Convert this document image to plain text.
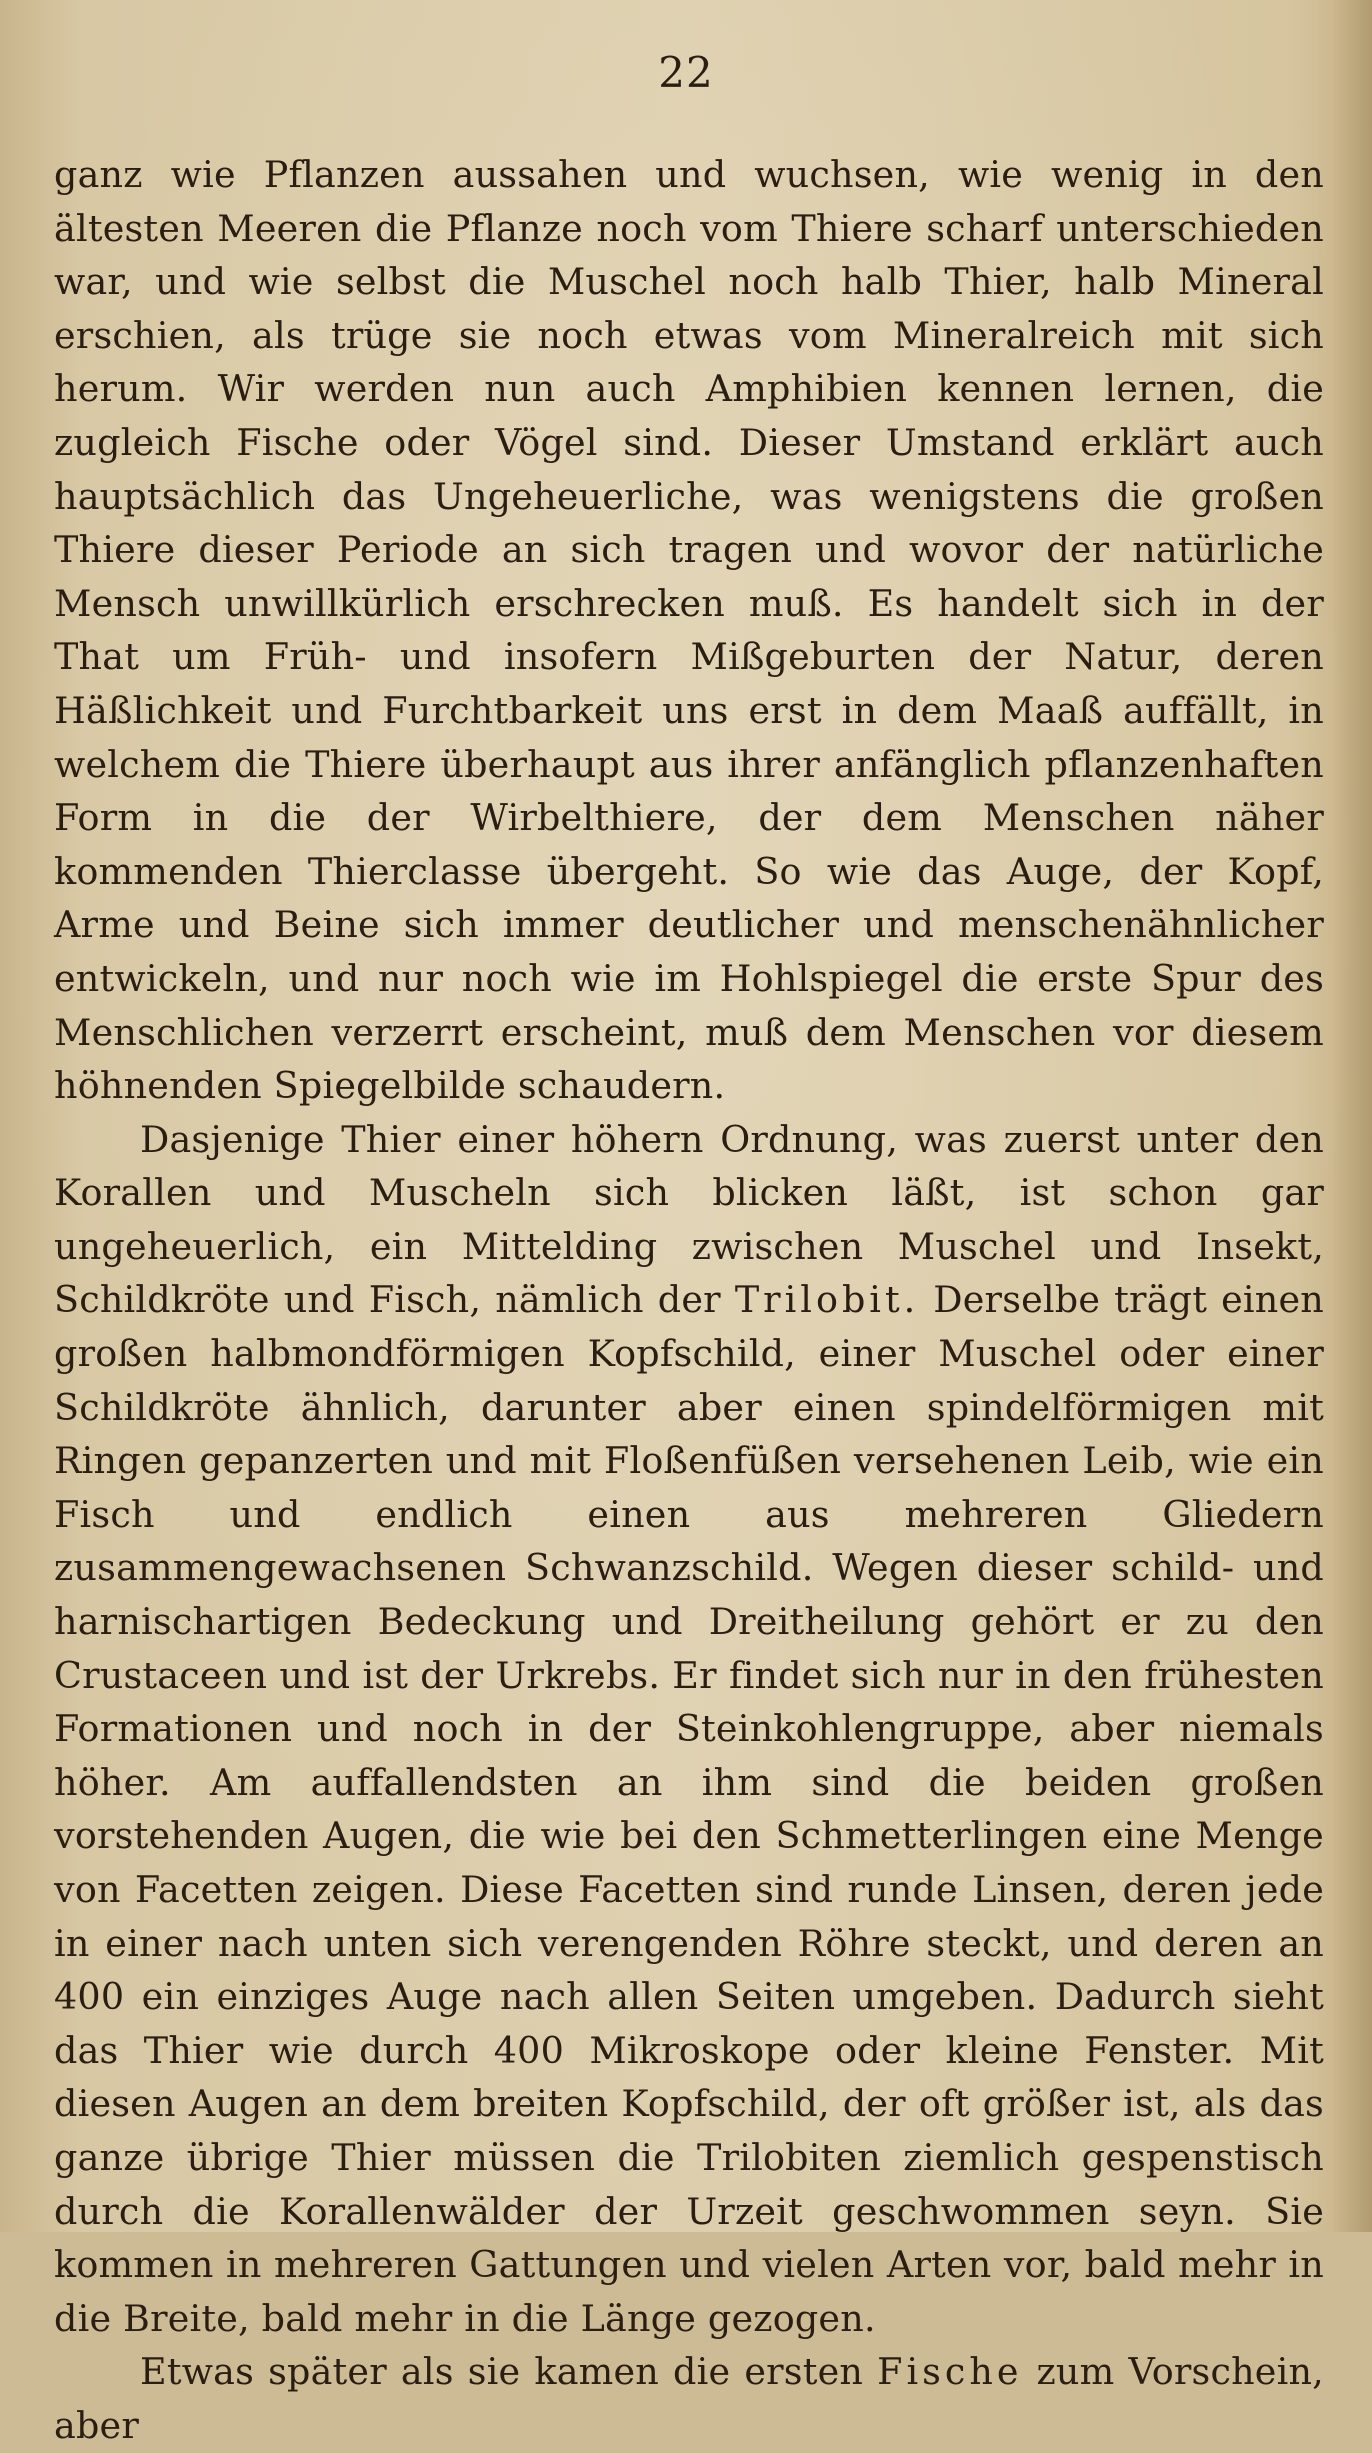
22

ganz wie Pflanzen aussahen und wuchsen, wie wenig in den ältesten Meeren die Pflanze noch vom Thiere scharf unterschieden war, und wie selbst die Muschel noch halb Thier, halb Mineral erschien, als trüge sie noch etwas vom Mineralreich mit sich herum. Wir werden nun auch Amphibien kennen lernen, die zugleich Fische oder Vögel sind. Dieser Umstand erklärt auch hauptsächlich das Ungeheuerliche, was wenigstens die großen Thiere dieser Periode an sich tragen und wovor der natürliche Mensch unwillkürlich erschrecken muß. Es handelt sich in der That um Früh- und insofern Mißgeburten der Natur, deren Häßlichkeit und Furchtbarkeit uns erst in dem Maaß auffällt, in welchem die Thiere überhaupt aus ihrer anfänglich pflanzenhaften Form in die der Wirbelthiere, der dem Menschen näher kommenden Thierclasse übergeht. So wie das Auge, der Kopf, Arme und Beine sich immer deutlicher und menschenähnlicher entwickeln, und nur noch wie im Hohlspiegel die erste Spur des Menschlichen verzerrt erscheint, muß dem Menschen vor diesem höhnenden Spiegelbilde schaudern.

Dasjenige Thier einer höhern Ordnung, was zuerst unter den Korallen und Muscheln sich blicken läßt, ist schon gar ungeheuerlich, ein Mittelding zwischen Muschel und Insekt, Schildkröte und Fisch, nämlich der Trilobit. Derselbe trägt einen großen halbmondförmigen Kopfschild, einer Muschel oder einer Schildkröte ähnlich, darunter aber einen spindelförmigen mit Ringen gepanzerten und mit Floßenfüßen versehenen Leib, wie ein Fisch und endlich einen aus mehreren Gliedern zusammengewachsenen Schwanzschild. Wegen dieser schild- und harnischartigen Bedeckung und Dreitheilung gehört er zu den Crustaceen und ist der Urkrebs. Er findet sich nur in den frühesten Formationen und noch in der Steinkohlengruppe, aber niemals höher. Am auffallendsten an ihm sind die beiden großen vorstehenden Augen, die wie bei den Schmetterlingen eine Menge von Facetten zeigen. Diese Facetten sind runde Linsen, deren jede in einer nach unten sich verengenden Röhre steckt, und deren an 400 ein einziges Auge nach allen Seiten umgeben. Dadurch sieht das Thier wie durch 400 Mikroskope oder kleine Fenster. Mit diesen Augen an dem breiten Kopfschild, der oft größer ist, als das ganze übrige Thier müssen die Trilobiten ziemlich gespenstisch durch die Korallenwälder der Urzeit geschwommen seyn. Sie kommen in mehreren Gattungen und vielen Arten vor, bald mehr in die Breite, bald mehr in die Länge gezogen.

Etwas später als sie kamen die ersten Fische zum Vorschein, aber
